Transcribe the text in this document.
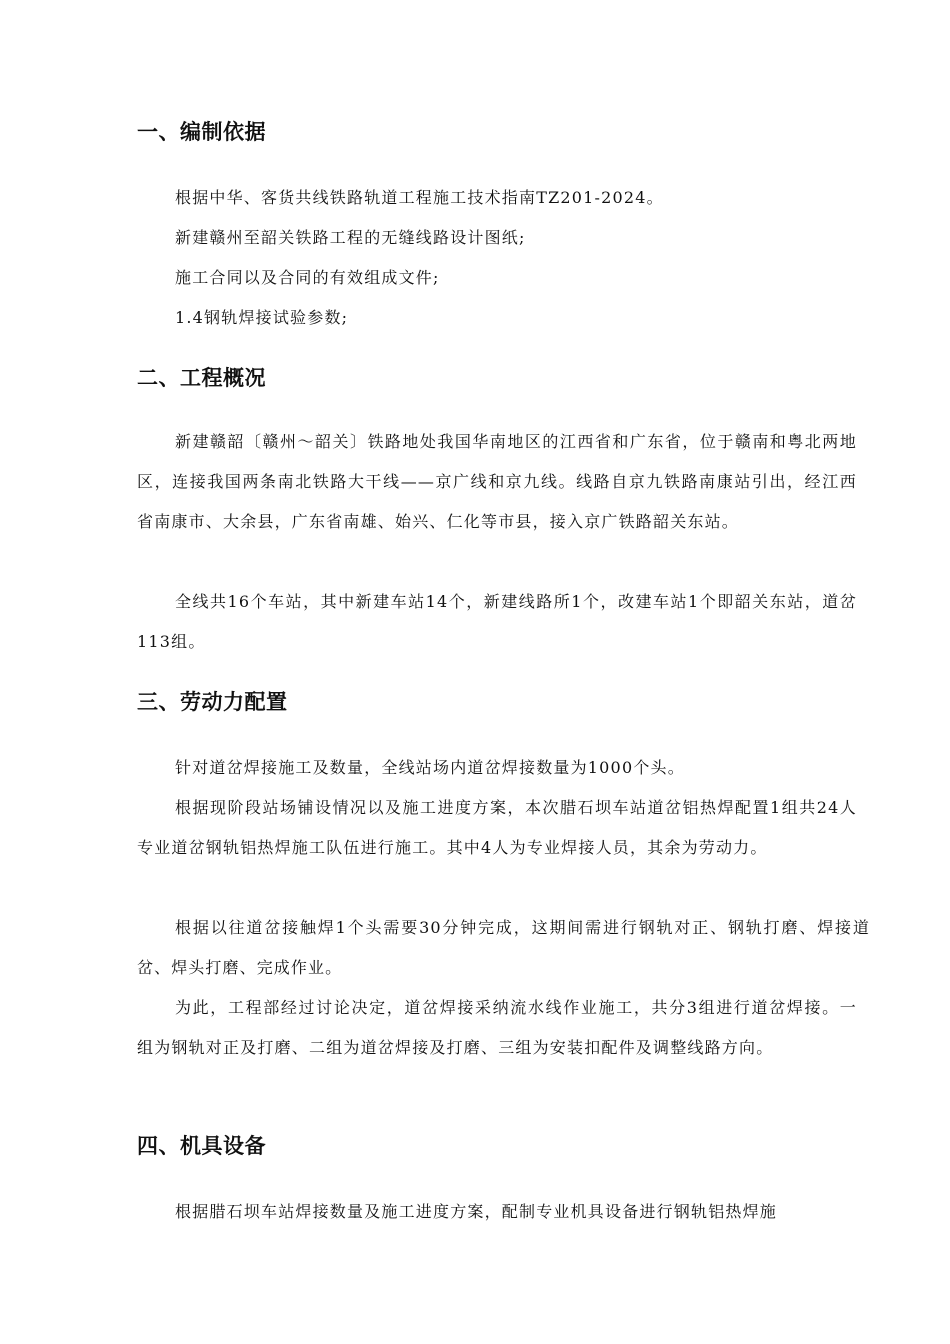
一、编制依据
根据中华、客货共线铁路轨道工程施工技术指南TZ201-2024。
新建赣州至韶关铁路工程的无缝线路设计图纸;
施工合同以及合同的有效组成文件;
1.4钢轨焊接试验参数;
二、工程概况
新建赣韶〔赣州～韶关〕铁路地处我国华南地区的江西省和广东省，位于赣南和粤北两地区，连接我国两条南北铁路大干线——京广线和京九线。线路自京九铁路南康站引出，经江西省南康市、大余县，广东省南雄、始兴、仁化等市县，接入京广铁路韶关东站。
全线共16个车站，其中新建车站14个，新建线路所1个，改建车站1个即韶关东站，道岔 113组。
三、劳动力配置
针对道岔焊接施工及数量，全线站场内道岔焊接数量为1000个头。
根据现阶段站场铺设情况以及施工进度方案，本次腊石坝车站道岔铝热焊配置1组共24人专业道岔钢轨铝热焊施工队伍进行施工。其中4人为专业焊接人员，其余为劳动力。
根据以往道岔接触焊1个头需要30分钟完成，这期间需进行钢轨对正、钢轨打磨、焊接道岔、焊头打磨、完成作业。
为此，工程部经过讨论决定，道岔焊接采纳流水线作业施工，共分3组进行道岔焊接。一组为钢轨对正及打磨、二组为道岔焊接及打磨、三组为安装扣配件及调整线路方向。
四、机具设备
根据腊石坝车站焊接数量及施工进度方案，配制专业机具设备进行钢轨铝热焊施
